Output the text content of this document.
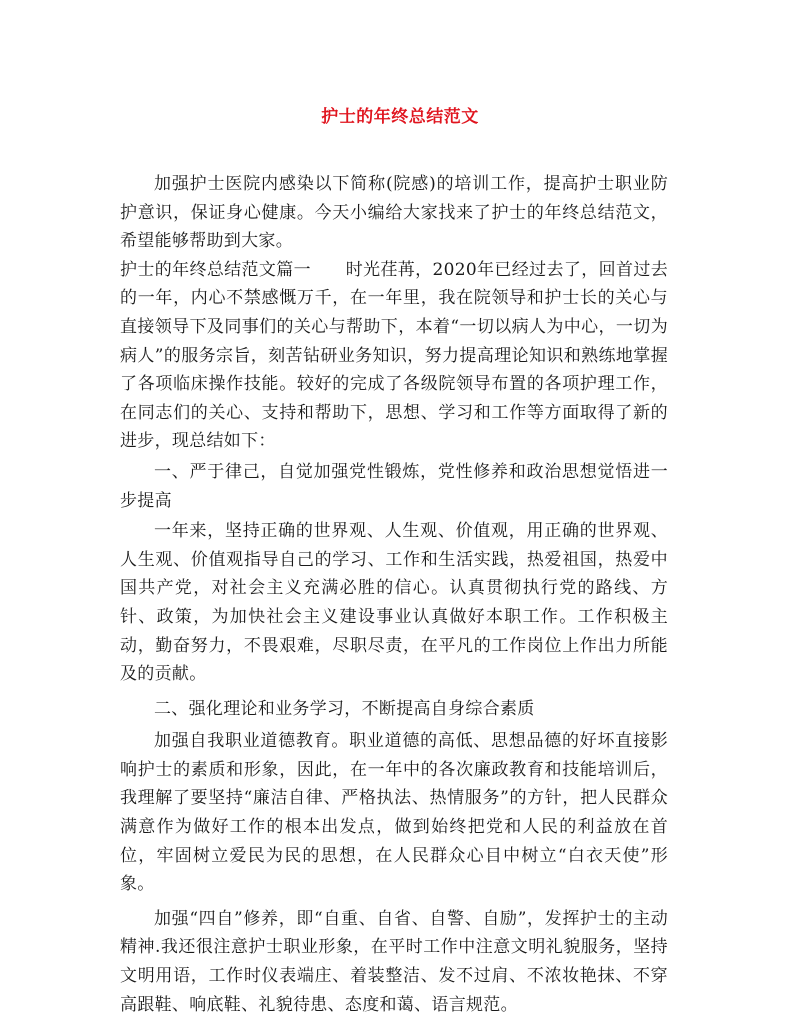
护士的年终总结范文

加强护士医院内感染以下简称(院感)的培训工作，提高护士职业防护意识，保证身心健康。今天小编给大家找来了护士的年终总结范文，希望能够帮助到大家。

护士的年终总结范文篇一　　时光荏苒，2020年已经过去了，回首过去的一年，内心不禁感慨万千，在一年里，我在院领导和护士长的关心与直接领导下及同事们的关心与帮助下，本着“一切以病人为中心，一切为病人”的服务宗旨，刻苦钻研业务知识，努力提高理论知识和熟练地掌握了各项临床操作技能。较好的完成了各级院领导布置的各项护理工作，在同志们的关心、支持和帮助下，思想、学习和工作等方面取得了新的进步，现总结如下：

一、严于律己，自觉加强党性锻炼，党性修养和政治思想觉悟进一步提高

一年来，坚持正确的世界观、人生观、价值观，用正确的世界观、人生观、价值观指导自己的学习、工作和生活实践，热爱祖国，热爱中国共产党，对社会主义充满必胜的信心。认真贯彻执行党的路线、方针、政策，为加快社会主义建设事业认真做好本职工作。工作积极主动，勤奋努力，不畏艰难，尽职尽责，在平凡的工作岗位上作出力所能及的贡献。

二、强化理论和业务学习，不断提高自身综合素质

加强自我职业道德教育。职业道德的高低、思想品德的好坏直接影响护士的素质和形象，因此，在一年中的各次廉政教育和技能培训后，我理解了要坚持“廉洁自律、严格执法、热情服务”的方针，把人民群众满意作为做好工作的根本出发点，做到始终把党和人民的利益放在首位，牢固树立爱民为民的思想，在人民群众心目中树立“白衣天使”形象。

加强“四自”修养，即“自重、自省、自警、自励”，发挥护士的主动精神.我还很注意护士职业形象，在平时工作中注意文明礼貌服务，坚持文明用语，工作时仪表端庄、着装整洁、发不过肩、不浓妆艳抹、不穿高跟鞋、响底鞋、礼貌待患、态度和蔼、语言规范。
